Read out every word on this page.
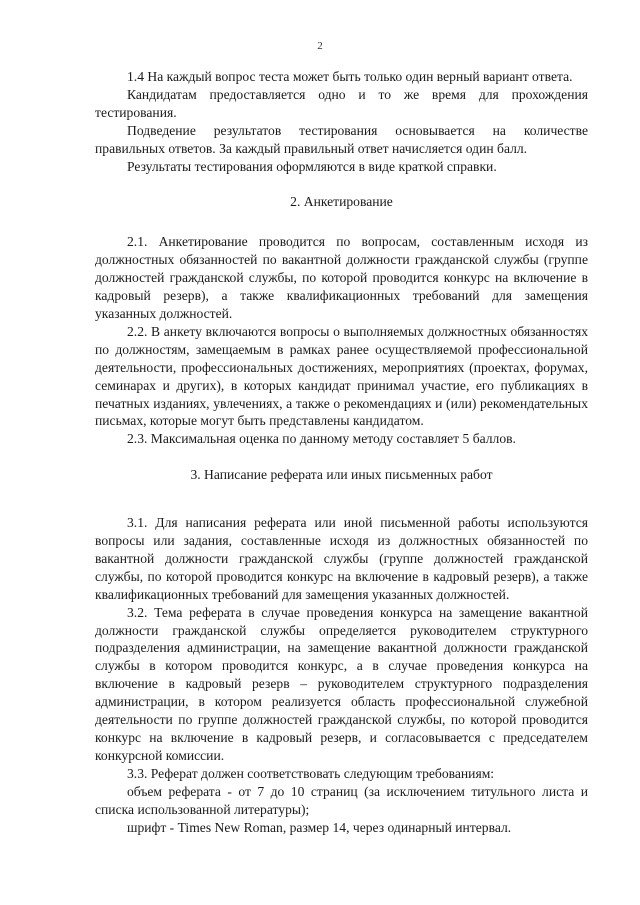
2

1.4 На каждый вопрос теста может быть только один верный вариант ответа.

Кандидатам предоставляется одно и то же время для прохождения тестирования.

Подведение результатов тестирования основывается на количестве правильных ответов. За каждый правильный ответ начисляется один балл.

Результаты тестирования оформляются в виде краткой справки.

2. Анкетирование

2.1. Анкетирование проводится по вопросам, составленным исходя из должностных обязанностей по вакантной должности гражданской службы (группе должностей гражданской службы, по которой проводится конкурс на включение в кадровый резерв), а также квалификационных требований для замещения указанных должностей.

2.2. В анкету включаются вопросы о выполняемых должностных обязанностях по должностям, замещаемым в рамках ранее осуществляемой профессиональной деятельности, профессиональных достижениях, мероприятиях (проектах, форумах, семинарах и других), в которых кандидат принимал участие, его публикациях в печатных изданиях, увлечениях, а также о рекомендациях и (или) рекомендательных письмах, которые могут быть представлены кандидатом.

2.3. Максимальная оценка по данному методу составляет 5 баллов.

3. Написание реферата или иных письменных работ

3.1. Для написания реферата или иной письменной работы используются вопросы или задания, составленные исходя из должностных обязанностей по вакантной должности гражданской службы (группе должностей гражданской службы, по которой проводится конкурс на включение в кадровый резерв), а также квалификационных требований для замещения указанных должностей.

3.2. Тема реферата в случае проведения конкурса на замещение вакантной должности гражданской службы определяется руководителем структурного подразделения администрации, на замещение вакантной должности гражданской службы в котором проводится конкурс, а в случае проведения конкурса на включение в кадровый резерв – руководителем структурного подразделения администрации, в котором реализуется область профессиональной служебной деятельности по группе должностей гражданской службы, по которой проводится конкурс на включение в кадровый резерв, и согласовывается с председателем конкурсной комиссии.

3.3. Реферат должен соответствовать следующим требованиям:

объем реферата - от 7 до 10 страниц (за исключением титульного листа и списка использованной литературы);

шрифт - Times New Roman, размер 14, через одинарный интервал.
